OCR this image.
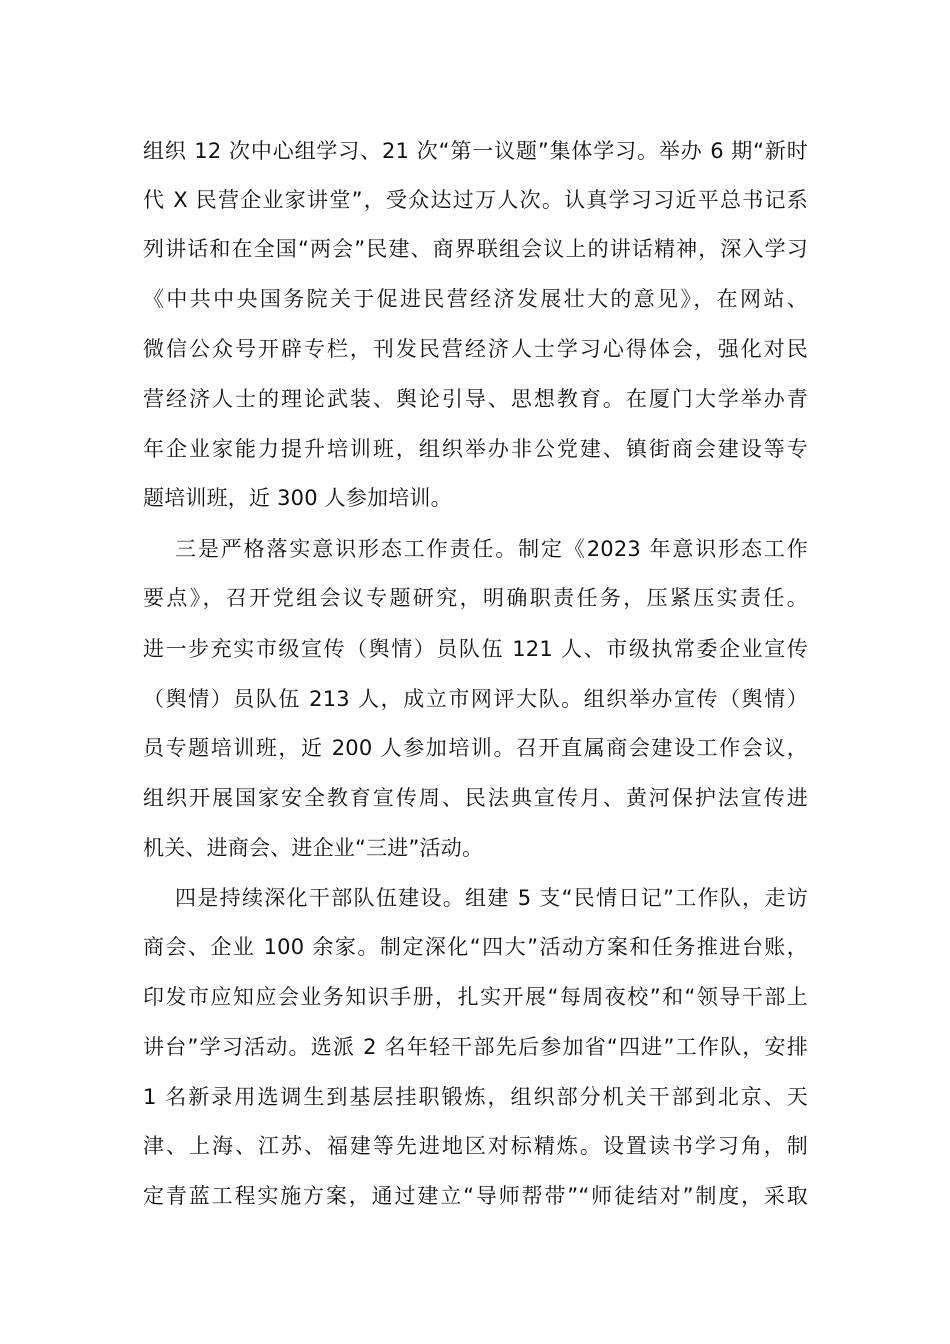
组织 12 次中心组学习、21 次“第一议题”集体学习。举办 6 期“新时
代 X 民营企业家讲堂”，受众达过万人次。认真学习习近平总书记系
列讲话和在全国“两会”民建、商界联组会议上的讲话精神，深入学习
《中共中央国务院关于促进民营经济发展壮大的意见》，在网站、
微信公众号开辟专栏，刊发民营经济人士学习心得体会，强化对民
营经济人士的理论武装、舆论引导、思想教育。在厦门大学举办青
年企业家能力提升培训班，组织举办非公党建、镇街商会建设等专
题培训班，近 300 人参加培训。
三是严格落实意识形态工作责任。制定《2023 年意识形态工作
要点》，召开党组会议专题研究，明确职责任务，压紧压实责任。
进一步充实市级宣传（舆情）员队伍 121 人、市级执常委企业宣传
（舆情）员队伍 213 人，成立市网评大队。组织举办宣传（舆情）
员专题培训班，近 200 人参加培训。召开直属商会建设工作会议，
组织开展国家安全教育宣传周、民法典宣传月、黄河保护法宣传进
机关、进商会、进企业“三进”活动。
四是持续深化干部队伍建设。组建 5 支“民情日记”工作队，走访
商会、企业 100 余家。制定深化“四大”活动方案和任务推进台账，
印发市应知应会业务知识手册，扎实开展“每周夜校”和“领导干部上
讲台”学习活动。选派 2 名年轻干部先后参加省“四进”工作队，安排
1 名新录用选调生到基层挂职锻炼，组织部分机关干部到北京、天
津、上海、江苏、福建等先进地区对标精炼。设置读书学习角，制
定青蓝工程实施方案，通过建立“导师帮带”“师徒结对”制度，采取
